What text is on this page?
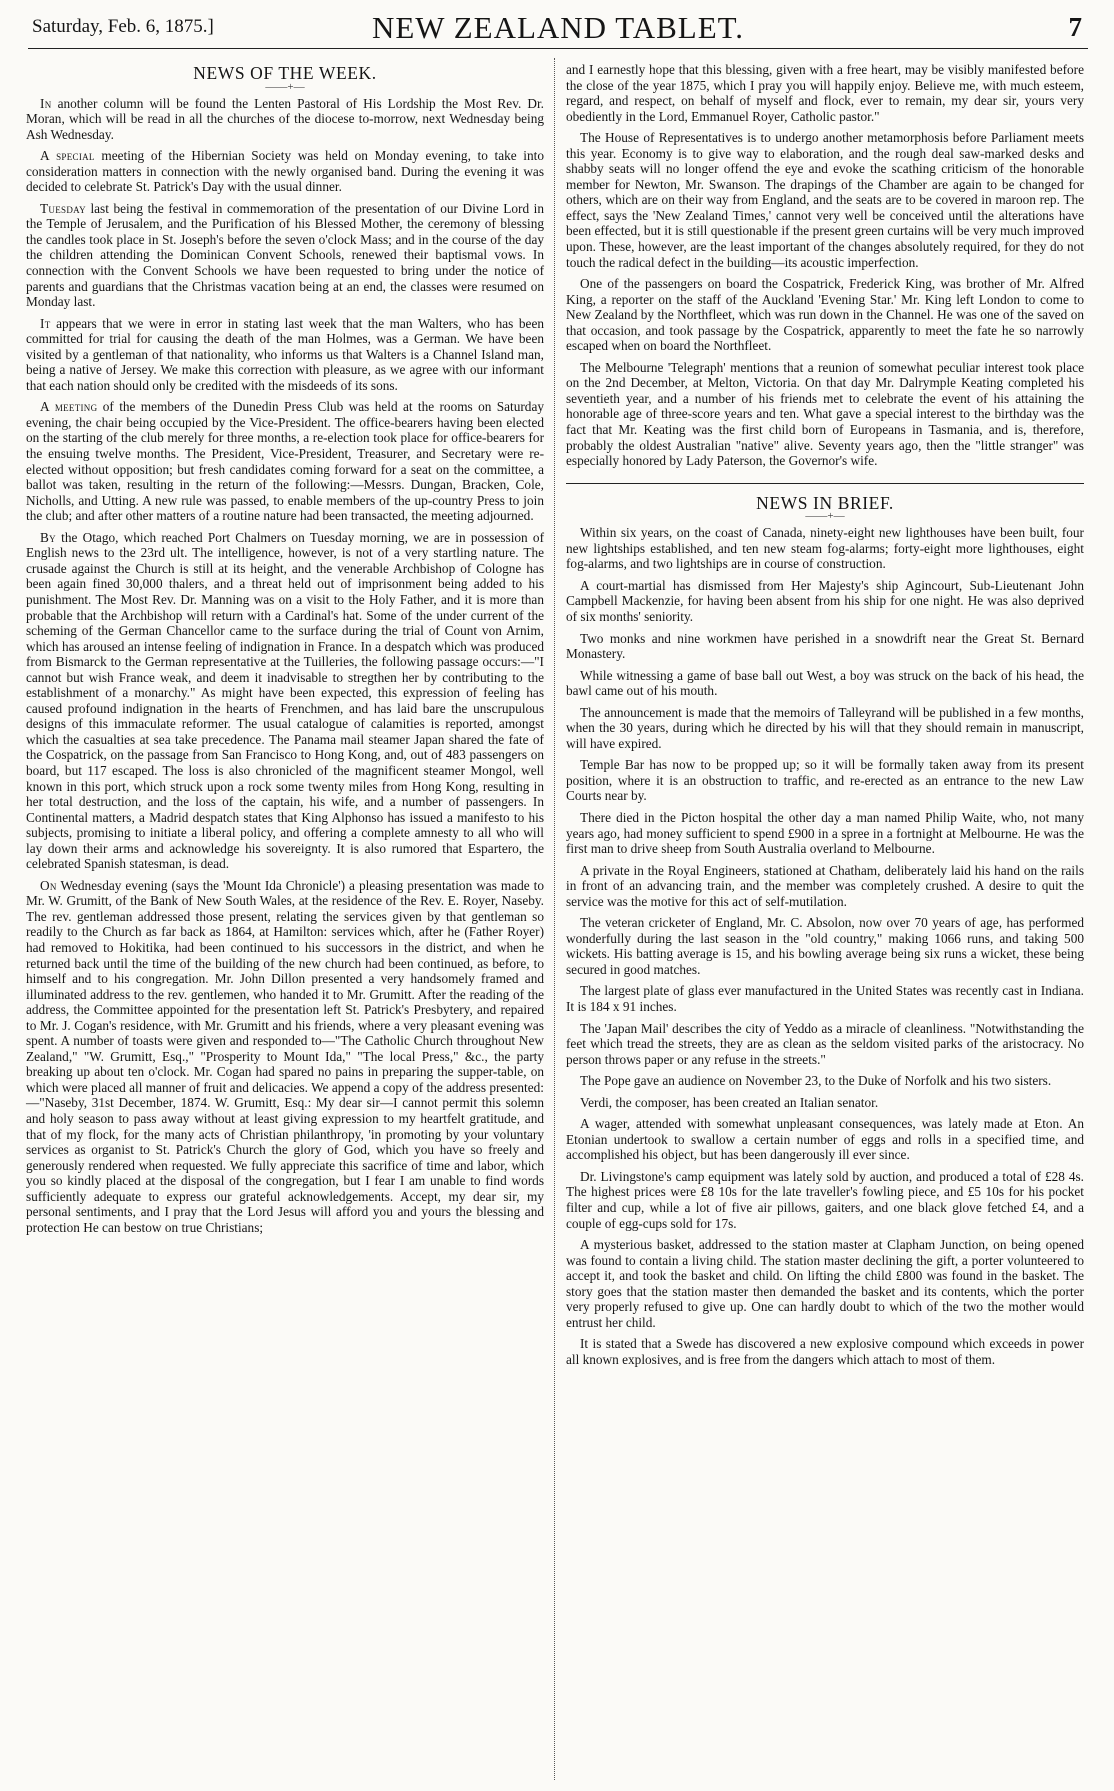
Saturday, Feb. 6, 1875.]	NEW ZEALAND TABLET.	7
NEWS OF THE WEEK.
——+—

In another column will be found the Lenten Pastoral of His Lordship the Most Rev. Dr. Moran, which will be read in all the churches of the diocese to-morrow, next Wednesday being Ash Wednesday.

A special meeting of the Hibernian Society was held on Monday evening, to take into consideration matters in connection with the newly organised band. During the evening it was decided to celebrate St. Patrick's Day with the usual dinner.

Tuesday last being the festival in commemoration of the presentation of our Divine Lord in the Temple of Jerusalem, and the Purification of his Blessed Mother, the ceremony of blessing the candles took place in St. Joseph's before the seven o'clock Mass; and in the course of the day the children attending the Dominican Convent Schools, renewed their baptismal vows. In connection with the Convent Schools we have been requested to bring under the notice of parents and guardians that the Christmas vacation being at an end, the classes were resumed on Monday last.

It appears that we were in error in stating last week that the man Walters, who has been committed for trial for causing the death of the man Holmes, was a German. We have been visited by a gentleman of that nationality, who informs us that Walters is a Channel Island man, being a native of Jersey. We make this correction with pleasure, as we agree with our informant that each nation should only be credited with the misdeeds of its sons.

A meeting of the members of the Dunedin Press Club was held at the rooms on Saturday evening, the chair being occupied by the Vice-President. The office-bearers having been elected on the starting of the club merely for three months, a re-election took place for office-bearers for the ensuing twelve months. The President, Vice-President, Treasurer, and Secretary were re-elected without opposition; but fresh candidates coming forward for a seat on the committee, a ballot was taken, resulting in the return of the following:—Messrs. Dungan, Bracken, Cole, Nicholls, and Utting. A new rule was passed, to enable members of the up-country Press to join the club; and after other matters of a routine nature had been transacted, the meeting adjourned.

By the Otago, which reached Port Chalmers on Tuesday morning, we are in possession of English news to the 23rd ult. The intelligence, however, is not of a very startling nature. The crusade against the Church is still at its height, and the venerable Archbishop of Cologne has been again fined 30,000 thalers, and a threat held out of imprisonment being added to his punishment. The Most Rev. Dr. Manning was on a visit to the Holy Father, and it is more than probable that the Archbishop will return with a Cardinal's hat. Some of the under current of the scheming of the German Chancellor came to the surface during the trial of Count von Arnim, which has aroused an intense feeling of indignation in France. In a despatch which was produced from Bismarck to the German representative at the Tuilleries, the following passage occurs:—"I cannot but wish France weak, and deem it inadvisable to stregthen her by contributing to the establishment of a monarchy." As might have been expected, this expression of feeling has caused profound indignation in the hearts of Frenchmen, and has laid bare the unscrupulous designs of this immaculate reformer. The usual catalogue of calamities is reported, amongst which the casualties at sea take precedence. The Panama mail steamer Japan shared the fate of the Cospatrick, on the passage from San Francisco to Hong Kong, and, out of 483 passengers on board, but 117 escaped. The loss is also chronicled of the magnificent steamer Mongol, well known in this port, which struck upon a rock some twenty miles from Hong Kong, resulting in her total destruction, and the loss of the captain, his wife, and a number of passengers. In Continental matters, a Madrid despatch states that King Alphonso has issued a manifesto to his subjects, promising to initiate a liberal policy, and offering a complete amnesty to all who will lay down their arms and acknowledge his sovereignty. It is also rumored that Espartero, the celebrated Spanish statesman, is dead.

On Wednesday evening (says the 'Mount Ida Chronicle') a pleasing presentation was made to Mr. W. Grumitt, of the Bank of New South Wales, at the residence of the Rev. E. Royer, Naseby. The rev. gentleman addressed those present, relating the services given by that gentleman so readily to the Church as far back as 1864, at Hamilton: services which, after he (Father Royer) had removed to Hokitika, had been continued to his successors in the district, and when he returned back until the time of the building of the new church had been continued, as before, to himself and to his congregation. Mr. John Dillon presented a very handsomely framed and illuminated address to the rev. gentlemen, who handed it to Mr. Grumitt. After the reading of the address, the Committee appointed for the presentation left St. Patrick's Presbytery, and repaired to Mr. J. Cogan's residence, with Mr. Grumitt and his friends, where a very pleasant evening was spent. A number of toasts were given and responded to—"The Catholic Church throughout New Zealand," "W. Grumitt, Esq.," "Prosperity to Mount Ida," "The local Press," &c., the party breaking up about ten o'clock. Mr. Cogan had spared no pains in preparing the supper-table, on which were placed all manner of fruit and delicacies. We append a copy of the address presented:—"Naseby, 31st December, 1874. W. Grumitt, Esq.: My dear sir—I cannot permit this solemn and holy season to pass away without at least giving expression to my heartfelt gratitude, and that of my flock, for the many acts of Christian philanthropy, 'in promoting by your voluntary services as organist to St. Patrick's Church the glory of God, which you have so freely and generously rendered when requested. We fully appreciate this sacrifice of time and labor, which you so kindly placed at the disposal of the congregation, but I fear I am unable to find words sufficiently adequate to express our grateful acknowledgements. Accept, my dear sir, my personal sentiments, and I pray that the Lord Jesus will afford you and yours the blessing and protection He can bestow on true Christians;

and I earnestly hope that this blessing, given with a free heart, may be visibly manifested before the close of the year 1875, which I pray you will happily enjoy. Believe me, with much esteem, regard, and respect, on behalf of myself and flock, ever to remain, my dear sir, yours very obediently in the Lord, Emmanuel Royer, Catholic pastor."

The House of Representatives is to undergo another metamorphosis before Parliament meets this year. Economy is to give way to elaboration, and the rough deal saw-marked desks and shabby seats will no longer offend the eye and evoke the scathing criticism of the honorable member for Newton, Mr. Swanson. The drapings of the Chamber are again to be changed for others, which are on their way from England, and the seats are to be covered in maroon rep. The effect, says the 'New Zealand Times,' cannot very well be conceived until the alterations have been effected, but it is still questionable if the present green curtains will be very much improved upon. These, however, are the least important of the changes absolutely required, for they do not touch the radical defect in the building—its acoustic imperfection.

One of the passengers on board the Cospatrick, Frederick King, was brother of Mr. Alfred King, a reporter on the staff of the Auckland 'Evening Star.' Mr. King left London to come to New Zealand by the Northfleet, which was run down in the Channel. He was one of the saved on that occasion, and took passage by the Cospatrick, apparently to meet the fate he so narrowly escaped when on board the Northfleet.

The Melbourne 'Telegraph' mentions that a reunion of somewhat peculiar interest took place on the 2nd December, at Melton, Victoria. On that day Mr. Dalrymple Keating completed his seventieth year, and a number of his friends met to celebrate the event of his attaining the honorable age of three-score years and ten. What gave a special interest to the birthday was the fact that Mr. Keating was the first child born of Europeans in Tasmania, and is, therefore, probably the oldest Australian "native" alive. Seventy years ago, then the "little stranger" was especially honored by Lady Paterson, the Governor's wife.

NEWS IN BRIEF.
——+—

Within six years, on the coast of Canada, ninety-eight new lighthouses have been built, four new lightships established, and ten new steam fog-alarms; forty-eight more lighthouses, eight fog-alarms, and two lightships are in course of construction.

A court-martial has dismissed from Her Majesty's ship Agincourt, Sub-Lieutenant John Campbell Mackenzie, for having been absent from his ship for one night. He was also deprived of six months' seniority.

Two monks and nine workmen have perished in a snowdrift near the Great St. Bernard Monastery.

While witnessing a game of base ball out West, a boy was struck on the back of his head, the bawl came out of his mouth.

The announcement is made that the memoirs of Talleyrand will be published in a few months, when the 30 years, during which he directed by his will that they should remain in manuscript, will have expired.

Temple Bar has now to be propped up; so it will be formally taken away from its present position, where it is an obstruction to traffic, and re-erected as an entrance to the new Law Courts near by.

There died in the Picton hospital the other day a man named Philip Waite, who, not many years ago, had money sufficient to spend £900 in a spree in a fortnight at Melbourne. He was the first man to drive sheep from South Australia overland to Melbourne.

A private in the Royal Engineers, stationed at Chatham, deliberately laid his hand on the rails in front of an advancing train, and the member was completely crushed. A desire to quit the service was the motive for this act of self-mutilation.

The veteran cricketer of England, Mr. C. Absolon, now over 70 years of age, has performed wonderfully during the last season in the "old country," making 1066 runs, and taking 500 wickets. His batting average is 15, and his bowling average being six runs a wicket, these being secured in good matches.

The largest plate of glass ever manufactured in the United States was recently cast in Indiana. It is 184 x 91 inches.

The 'Japan Mail' describes the city of Yeddo as a miracle of cleanliness. "Notwithstanding the feet which tread the streets, they are as clean as the seldom visited parks of the aristocracy. No person throws paper or any refuse in the streets."

The Pope gave an audience on November 23, to the Duke of Norfolk and his two sisters.

Verdi, the composer, has been created an Italian senator.

A wager, attended with somewhat unpleasant consequences, was lately made at Eton. An Etonian undertook to swallow a certain number of eggs and rolls in a specified time, and accomplished his object, but has been dangerously ill ever since.

Dr. Livingstone's camp equipment was lately sold by auction, and produced a total of £28 4s. The highest prices were £8 10s for the late traveller's fowling piece, and £5 10s for his pocket filter and cup, while a lot of five air pillows, gaiters, and one black glove fetched £4, and a couple of egg-cups sold for 17s.

A mysterious basket, addressed to the station master at Clapham Junction, on being opened was found to contain a living child. The station master declining the gift, a porter volunteered to accept it, and took the basket and child. On lifting the child £800 was found in the basket. The story goes that the station master then demanded the basket and its contents, which the porter very properly refused to give up. One can hardly doubt to which of the two the mother would entrust her child.

It is stated that a Swede has discovered a new explosive compound which exceeds in power all known explosives, and is free from the dangers which attach to most of them.
